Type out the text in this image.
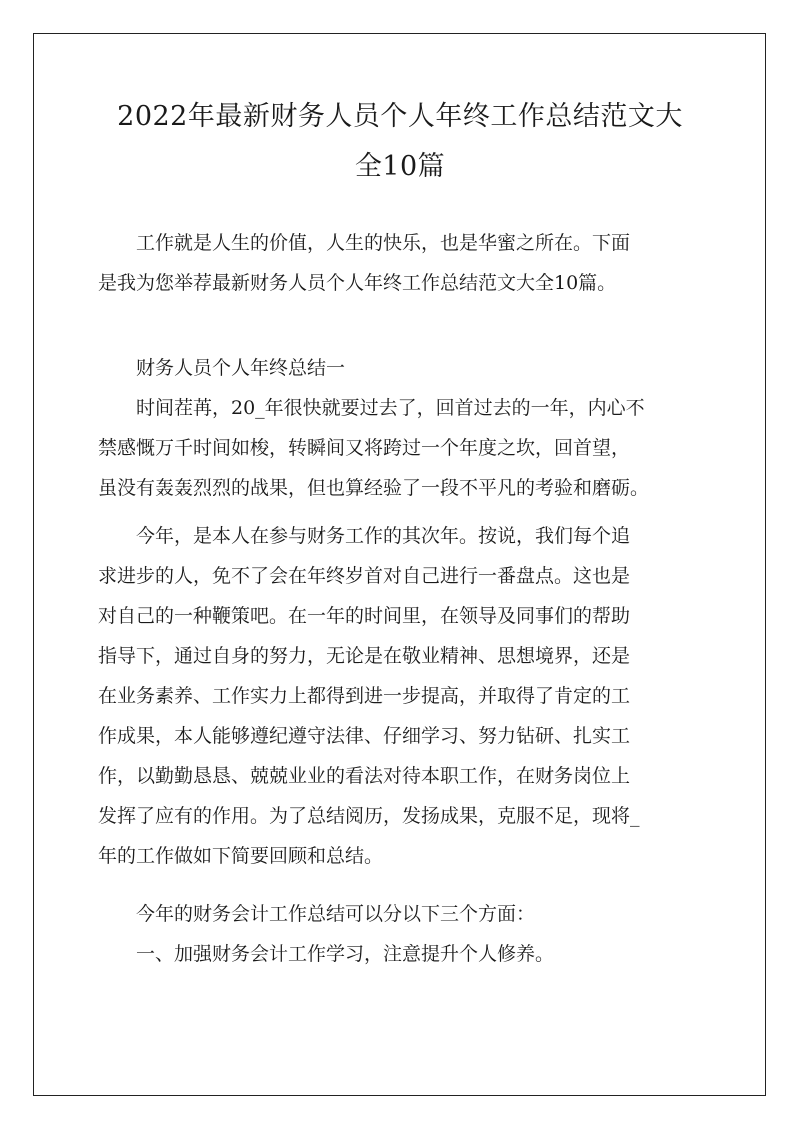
2022年最新财务人员个人年终工作总结范文大
全10篇
工作就是人生的价值，人生的快乐，也是华蜜之所在。下面
是我为您举荐最新财务人员个人年终工作总结范文大全10篇。
财务人员个人年终总结一
时间茬苒，20_年很快就要过去了，回首过去的一年，内心不
禁感慨万千时间如梭，转瞬间又将跨过一个年度之坎，回首望，
虽没有轰轰烈烈的战果，但也算经验了一段不平凡的考验和磨砺。
今年，是本人在参与财务工作的其次年。按说，我们每个追
求进步的人，免不了会在年终岁首对自己进行一番盘点。这也是
对自己的一种鞭策吧。在一年的时间里，在领导及同事们的帮助
指导下，通过自身的努力，无论是在敬业精神、思想境界，还是
在业务素养、工作实力上都得到进一步提高，并取得了肯定的工
作成果，本人能够遵纪遵守法律、仔细学习、努力钻研、扎实工
作，以勤勤恳恳、兢兢业业的看法对待本职工作，在财务岗位上
发挥了应有的作用。为了总结阅历，发扬成果，克服不足，现将_
年的工作做如下简要回顾和总结。
今年的财务会计工作总结可以分以下三个方面：
一、加强财务会计工作学习，注意提升个人修养。
